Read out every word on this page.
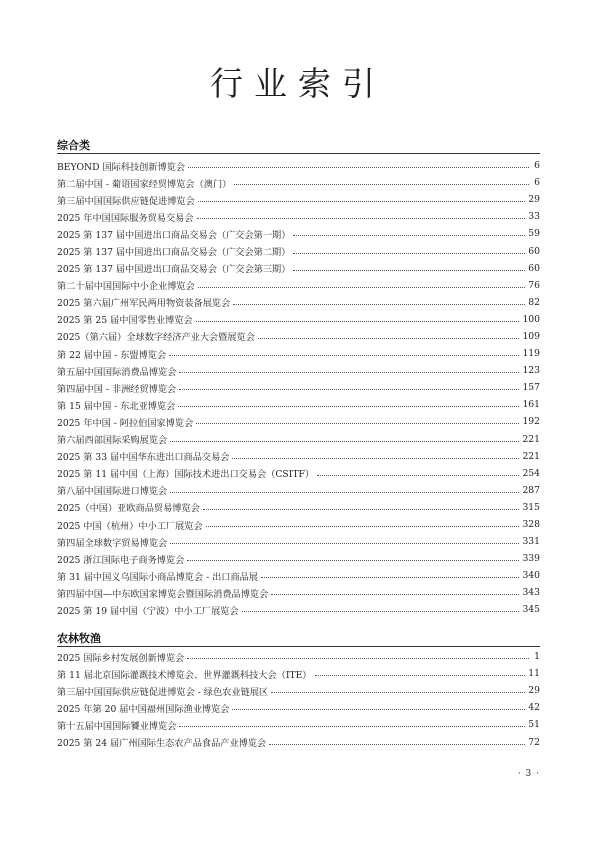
行业索引
综合类
BEYOND 国际科技创新博览会	6
第二届中国 - 葡语国家经贸博览会（澳门）	6
第三届中国国际供应链促进博览会	29
2025 年中国国际服务贸易交易会	33
2025 第 137 届中国进出口商品交易会（广交会第一期）	59
2025 第 137 届中国进出口商品交易会（广交会第二期）	60
2025 第 137 届中国进出口商品交易会（广交会第三期）	60
第二十届中国国际中小企业博览会	76
2025 第六届广州军民两用物资装备展览会	82
2025 第 25 届中国零售业博览会	100
2025（第六届）全球数字经济产业大会暨展览会	109
第 22 届中国 - 东盟博览会	119
第五届中国国际消费品博览会	123
第四届中国 - 非洲经贸博览会	157
第 15 届中国 - 东北亚博览会	161
2025 年中国 - 阿拉伯国家博览会	192
第六届西部国际采购展览会	221
2025 第 33 届中国华东进出口商品交易会	221
2025 第 11 届中国（上海）国际技术进出口交易会（CSITF）	254
第八届中国国际进口博览会	287
2025（中国）亚欧商品贸易博览会	315
2025 中国（杭州）中小工厂展览会	328
第四届全球数字贸易博览会	331
2025 浙江国际电子商务博览会	339
第 31 届中国义乌国际小商品博览会 - 出口商品展	340
第四届中国—中东欧国家博览会暨国际消费品博览会	343
2025 第 19 届中国（宁波）中小工厂展览会	345
农林牧渔
2025 国际乡村发展创新博览会	1
第 11 届北京国际灌溉技术博览会、世界灌溉科技大会（ITE）	11
第三届中国国际供应链促进博览会 - 绿色农业链展区	29
2025 年第 20 届中国福州国际渔业博览会	42
第十五届中国国际饕业博览会	51
2025 第 24 届广州国际生态农产品食品产业博览会	72
· 3 ·
